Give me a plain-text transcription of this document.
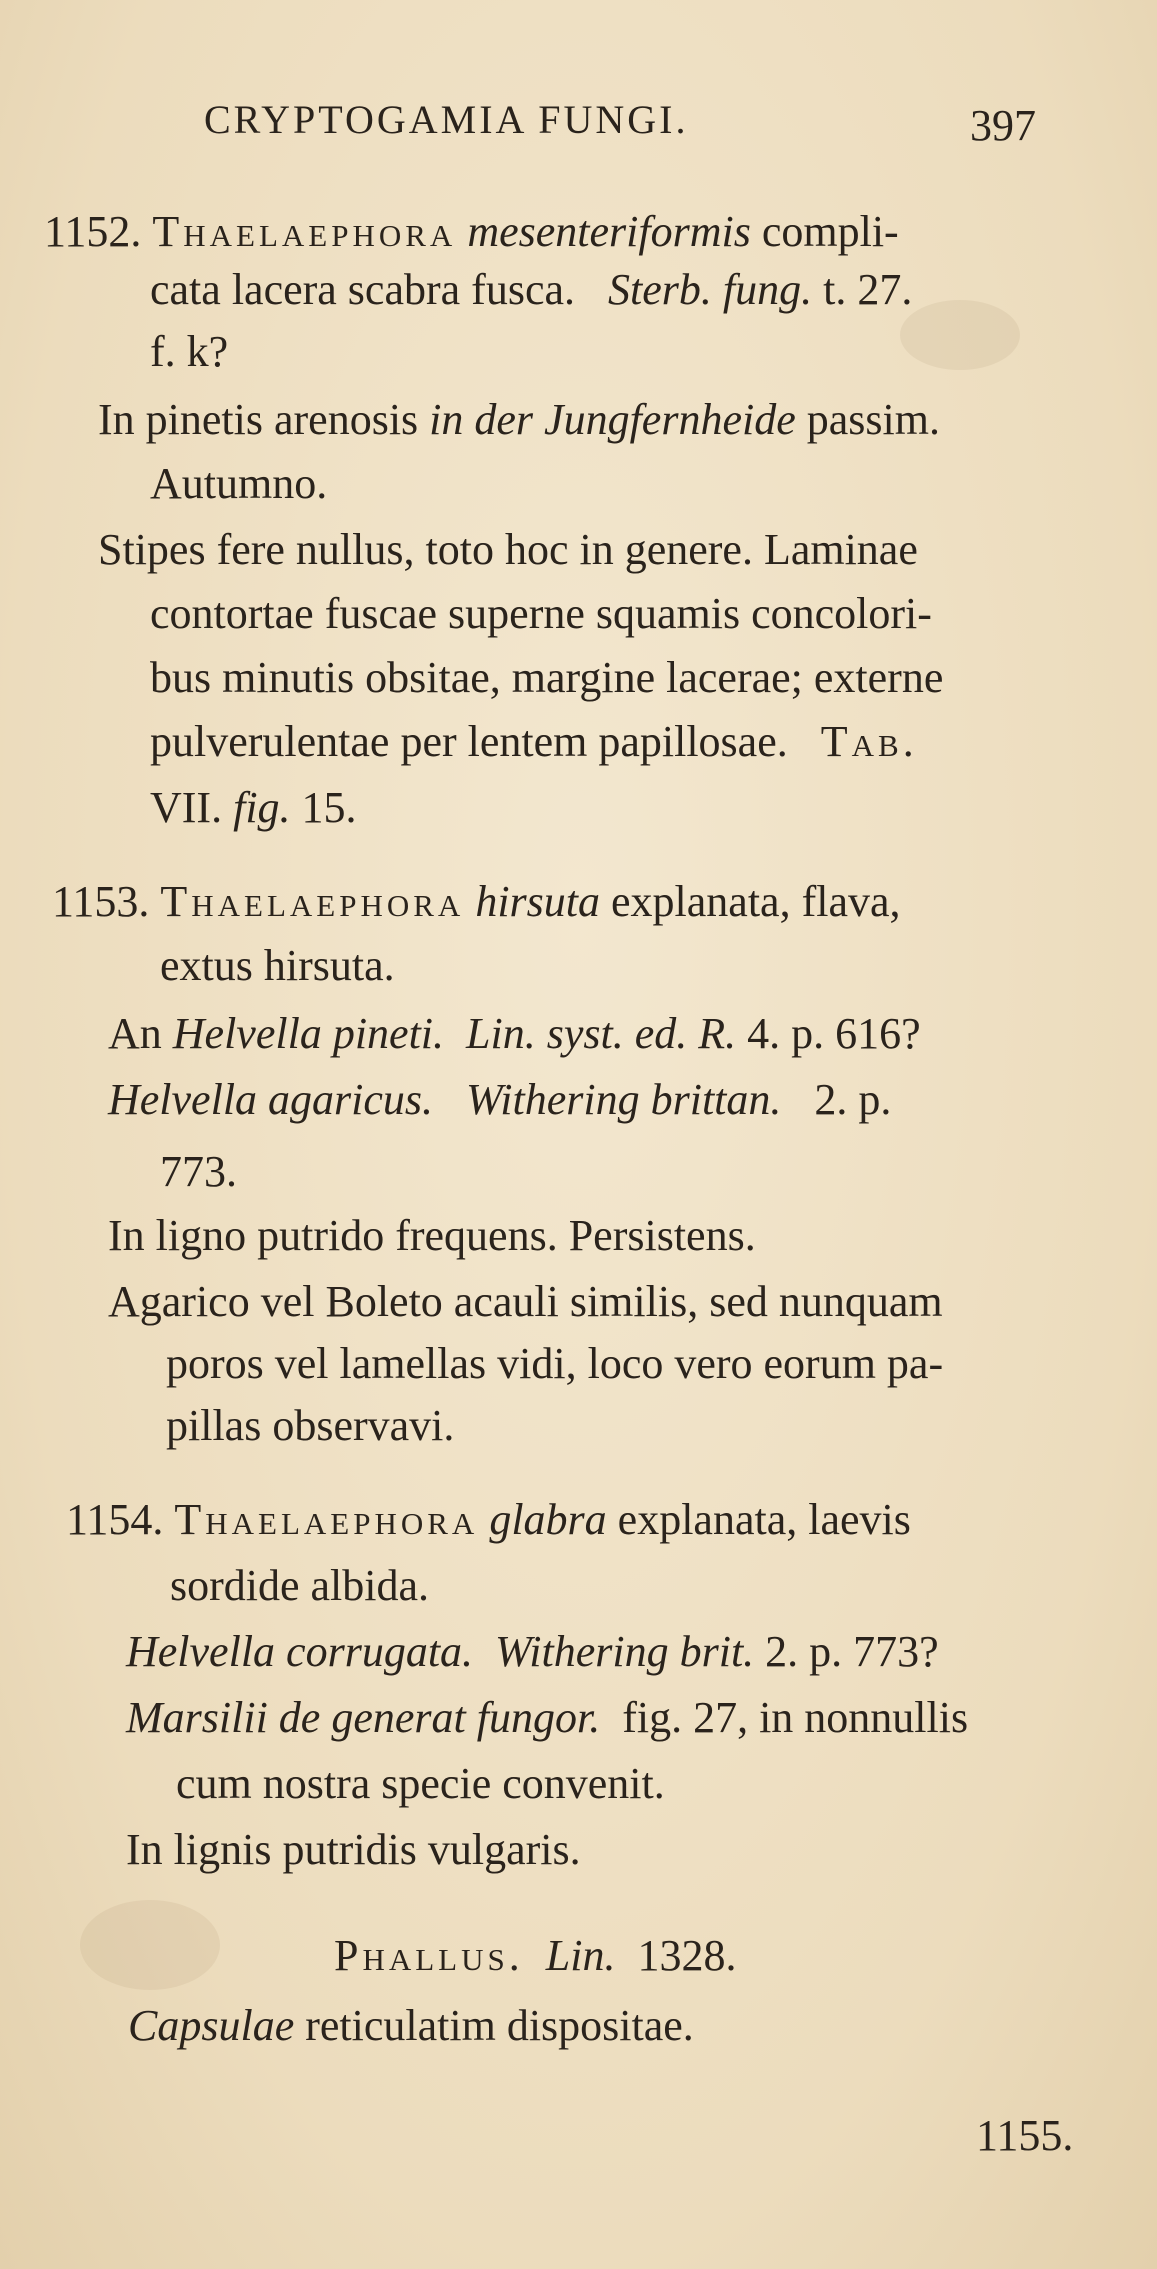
CRYPTOGAMIA FUNGI.	397
1152. Thaelaephora mesenteriformis compli-
cata lacera scabra fusca. Sterb. fung. t. 27.
f. k?
In pinetis arenosis in der Jungfernheide passim.
Autumno.
Stipes fere nullus, toto hoc in genere. Laminae
contortae fuscae superne squamis concolori-
bus minutis obsitae, margine lacerae; externe
pulverulentae per lentem papillosae. Tab.
VII. fig. 15.
1153. Thaelaephora hirsuta explanata, flava,
extus hirsuta.
An Helvella pineti. Lin. syst. ed. R. 4. p. 616?
Helvella agaricus. Withering brittan. 2. p.
773.
In ligno putrido frequens. Persistens.
Agarico vel Boleto acauli similis, sed nunquam
poros vel lamellas vidi, loco vero eorum pa-
pillas observavi.
1154. Thaelaephora glabra explanata, laevis
sordide albida.
Helvella corrugata. Withering brit. 2. p. 773?
Marsilii de generat fungor. fig. 27, in nonnullis
cum nostra specie convenit.
In lignis putridis vulgaris.
Phallus. Lin. 1328.
Capsulae reticulatim dispositae.
1155.
